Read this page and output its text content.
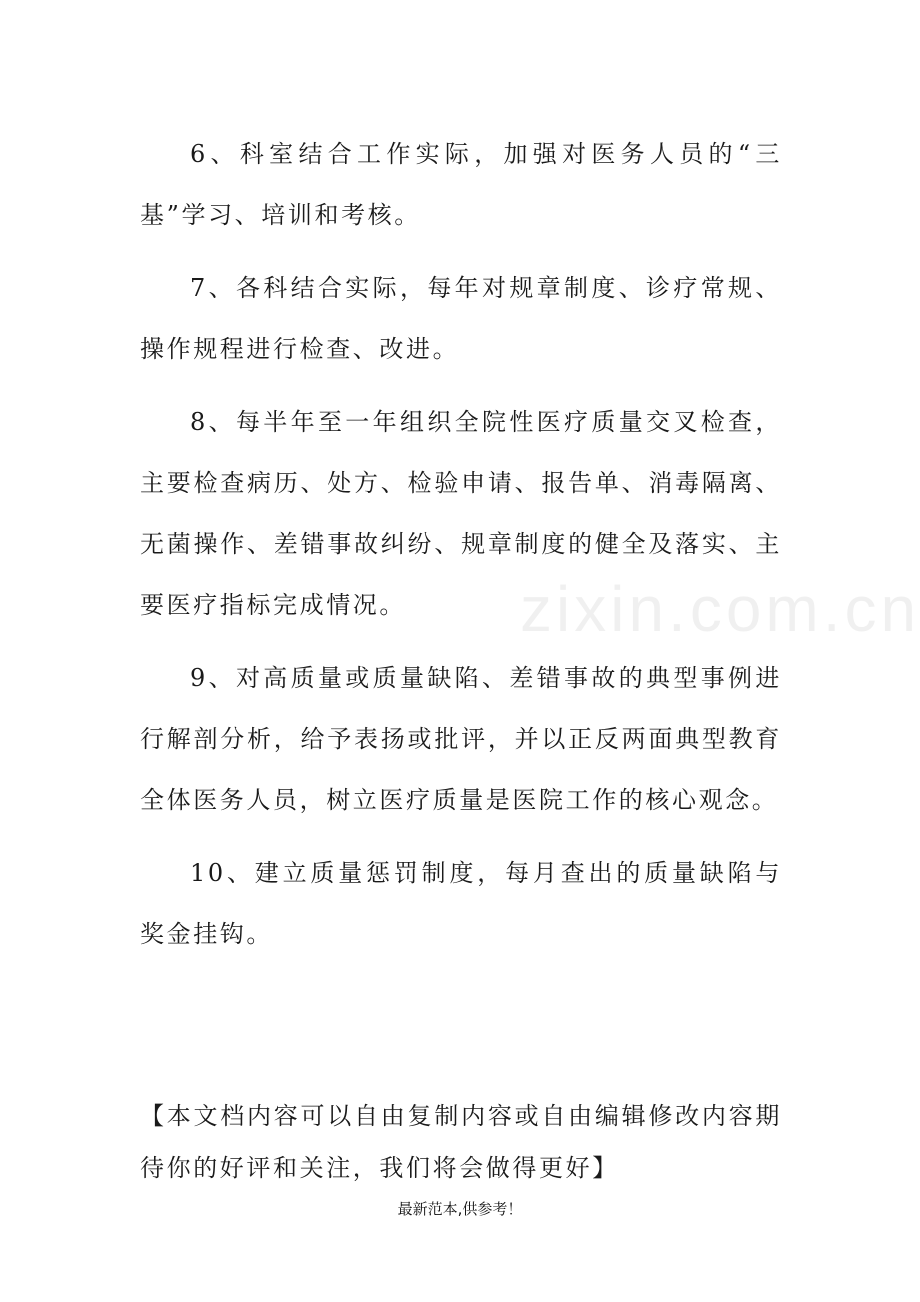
zixin.com.cn

6、科室结合工作实际，加强对医务人员的“三基”学习、培训和考核。

7、各科结合实际，每年对规章制度、诊疗常规、操作规程进行检查、改进。

8、每半年至一年组织全院性医疗质量交叉检查，主要检查病历、处方、检验申请、报告单、消毒隔离、无菌操作、差错事故纠纷、规章制度的健全及落实、主要医疗指标完成情况。

9、对高质量或质量缺陷、差错事故的典型事例进行解剖分析，给予表扬或批评，并以正反两面典型教育全体医务人员，树立医疗质量是医院工作的核心观念。

10、建立质量惩罚制度，每月查出的质量缺陷与奖金挂钩。

【本文档内容可以自由复制内容或自由编辑修改内容期待你的好评和关注，我们将会做得更好】

最新范本,供参考！
